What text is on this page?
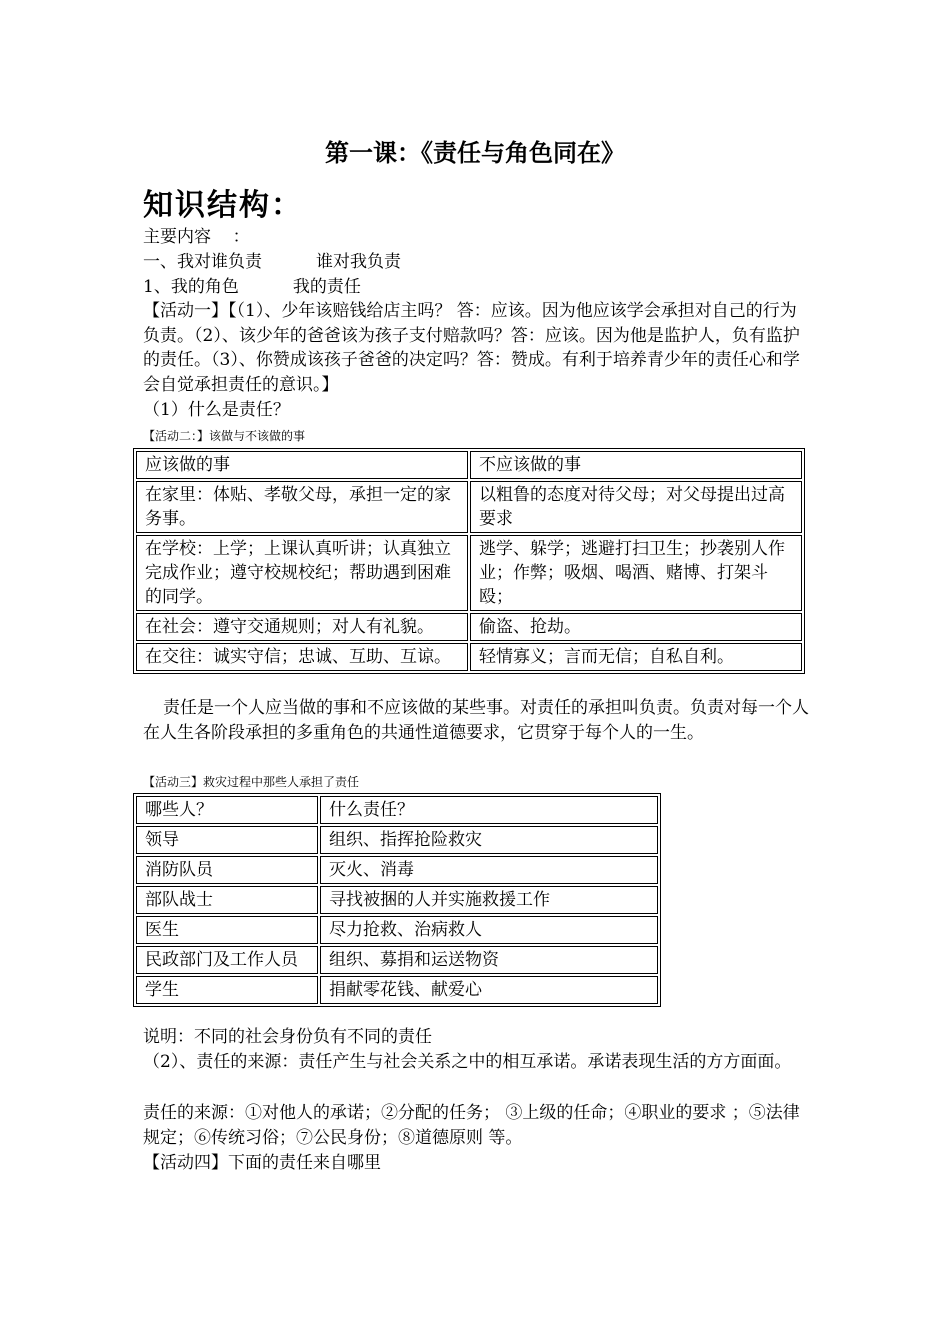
第一课：《责任与角色同在》
知识结构：
主要内容    ：
一、我对谁负责          谁对我负责
1、我的角色          我的责任
【活动一】【（1）、少年该赔钱给店主吗？ 答：应该。因为他应该学会承担对自己的行为负责。（2）、该少年的爸爸该为孩子支付赔款吗？答：应该。因为他是监护人，负有监护的责任。（3）、你赞成该孩子爸爸的决定吗？答：赞成。有利于培养青少年的责任心和学会自觉承担责任的意识。】
（1）什么是责任？
【活动二：】该做与不该做的事
应该做的事	不应该做的事
在家里：体贴、孝敬父母，承担一定的家务事。	以粗鲁的态度对待父母；对父母提出过高要求
在学校：上学；上课认真听讲；认真独立完成作业；遵守校规校纪；帮助遇到困难的同学。	逃学、躲学；逃避打扫卫生；抄袭别人作业；作弊；吸烟、喝酒、赌博、打架斗殴；
在社会：遵守交通规则；对人有礼貌。	偷盗、抢劫。
在交往：诚实守信；忠诚、互助、互谅。	轻情寡义；言而无信；自私自利。
责任是一个人应当做的事和不应该做的某些事。对责任的承担叫负责。负责对每一个人在人生各阶段承担的多重角色的共通性道德要求，它贯穿于每个人的一生。
【活动三】救灾过程中那些人承担了责任
哪些人？	什么责任？
领导	组织、指挥抢险救灾
消防队员	灭火、消毒
部队战士	寻找被捆的人并实施救援工作
医生	尽力抢救、治病救人
民政部门及工作人员	组织、募捐和运送物资
学生	捐献零花钱、献爱心
说明：不同的社会身份负有不同的责任
（2）、责任的来源：责任产生与社会关系之中的相互承诺。承诺表现生活的方方面面。
责任的来源：①对他人的承诺；②分配的任务； ③上级的任命；④职业的要求 ；⑤法律规定；⑥传统习俗；⑦公民身份；⑧道德原则 等。
【活动四】下面的责任来自哪里
